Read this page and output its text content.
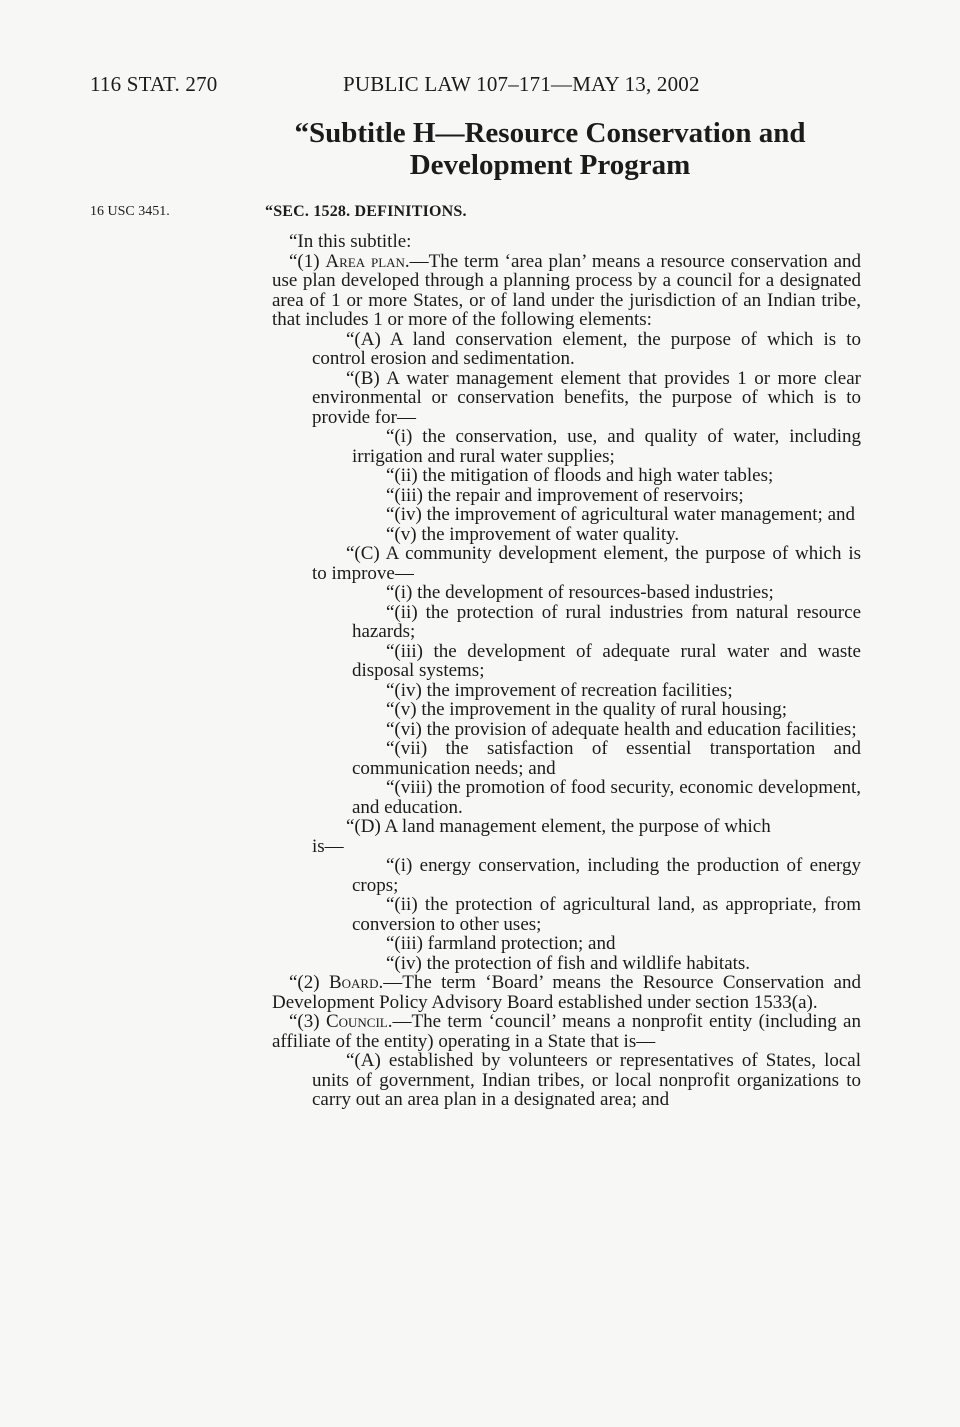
116 STAT. 270	PUBLIC LAW 107–171—MAY 13, 2002
“Subtitle H—Resource Conservation and
Development Program
16 USC 3451.	“SEC. 1528. DEFINITIONS.

“In this subtitle:

“(1) Area plan.—The term ‘area plan’ means a resource conservation and use plan developed through a planning process by a council for a designated area of 1 or more States, or of land under the jurisdiction of an Indian tribe, that includes 1 or more of the following elements:

“(A) A land conservation element, the purpose of which is to control erosion and sedimentation.

“(B) A water management element that provides 1 or more clear environmental or conservation benefits, the purpose of which is to provide for—

“(i) the conservation, use, and quality of water, including irrigation and rural water supplies;

“(ii) the mitigation of floods and high water tables;

“(iii) the repair and improvement of reservoirs;

“(iv) the improvement of agricultural water management; and

“(v) the improvement of water quality.

“(C) A community development element, the purpose of which is to improve—

“(i) the development of resources-based industries;

“(ii) the protection of rural industries from natural resource hazards;

“(iii) the development of adequate rural water and waste disposal systems;

“(iv) the improvement of recreation facilities;

“(v) the improvement in the quality of rural housing;

“(vi) the provision of adequate health and education facilities;

“(vii) the satisfaction of essential transportation and communication needs; and

“(viii) the promotion of food security, economic development, and education.

“(D) A land management element, the purpose of which

is—

“(i) energy conservation, including the production of energy crops;

“(ii) the protection of agricultural land, as appropriate, from conversion to other uses;

“(iii) farmland protection; and

“(iv) the protection of fish and wildlife habitats.

“(2) Board.—The term ‘Board’ means the Resource Conservation and Development Policy Advisory Board established under section 1533(a).

“(3) Council.—The term ‘council’ means a nonprofit entity (including an affiliate of the entity) operating in a State that is—

“(A) established by volunteers or representatives of States, local units of government, Indian tribes, or local nonprofit organizations to carry out an area plan in a designated area; and
